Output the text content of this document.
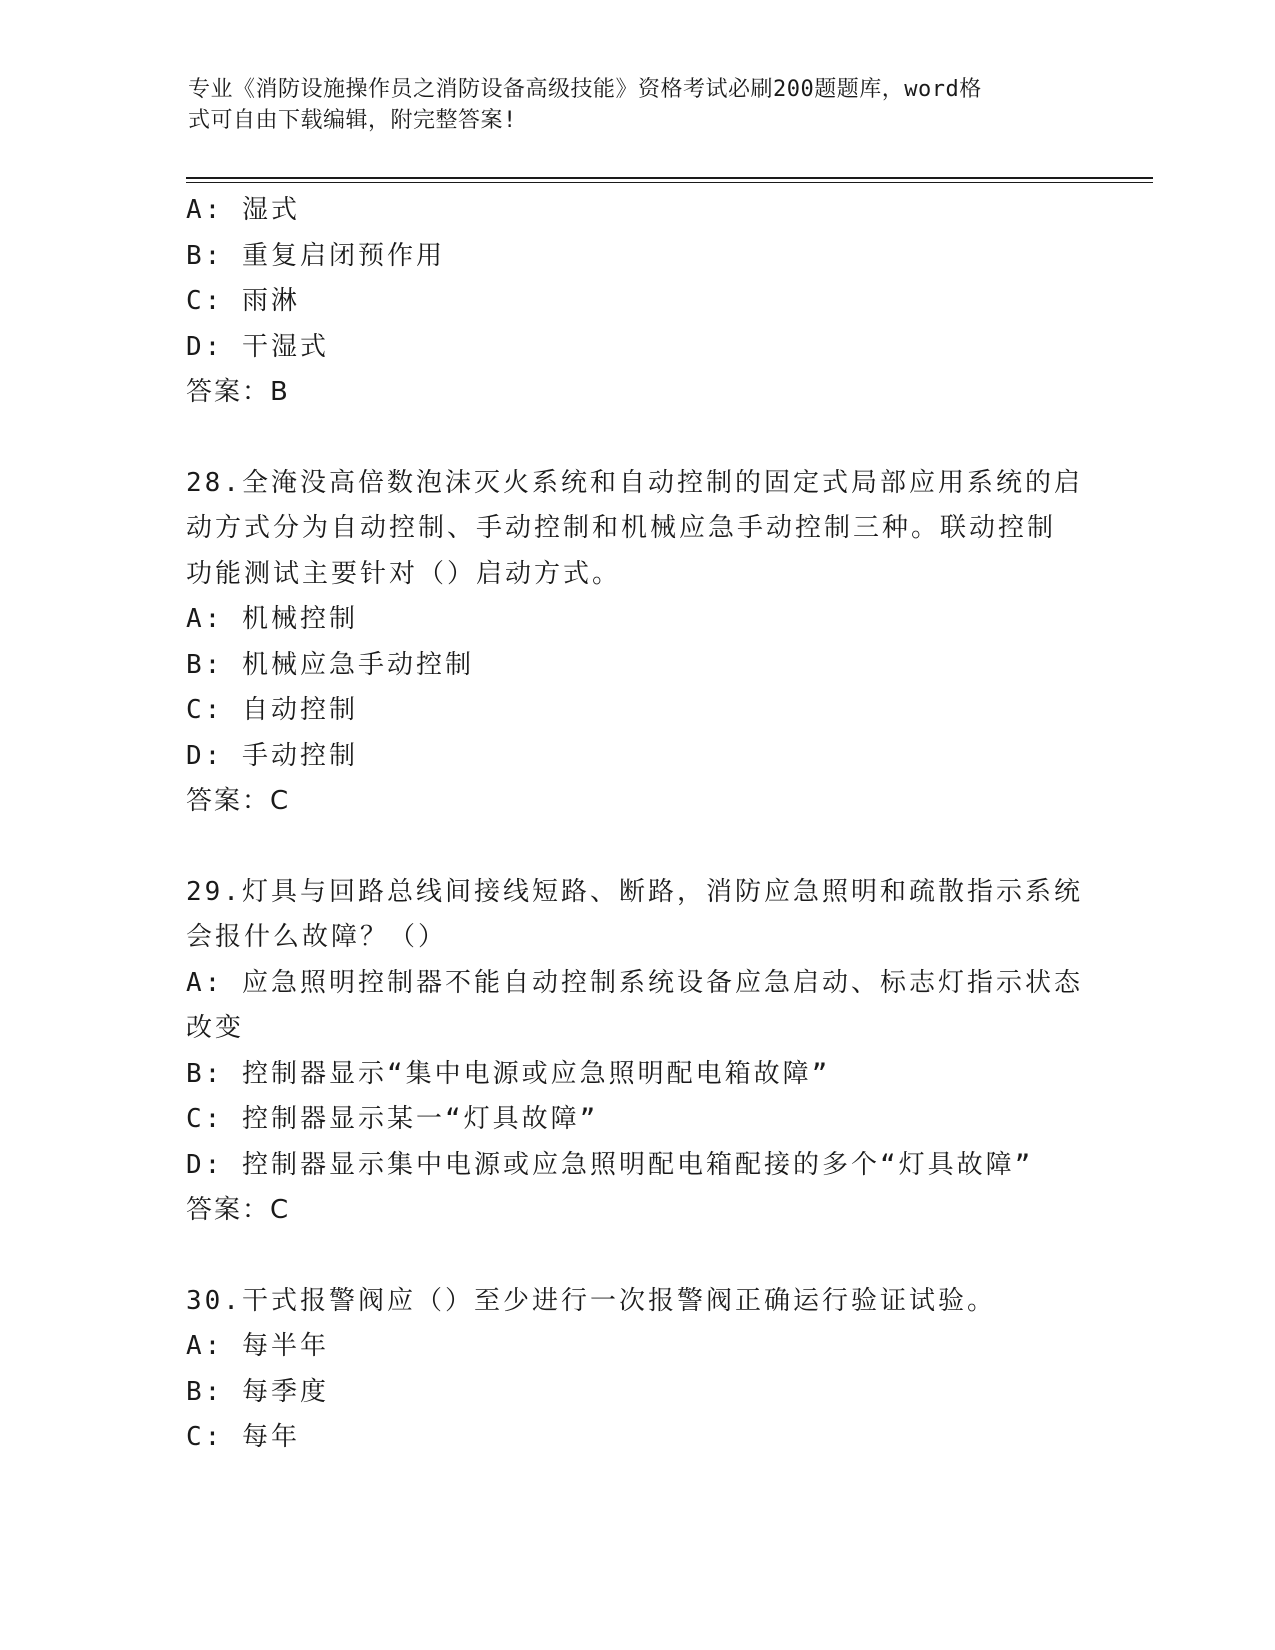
专业《消防设施操作员之消防设备高级技能》资格考试必刷200题题库，word格
式可自由下载编辑，附完整答案!
A: 湿式
B: 重复启闭预作用
C: 雨淋
D: 干湿式
答案：B
28.全淹没高倍数泡沫灭火系统和自动控制的固定式局部应用系统的启
动方式分为自动控制、手动控制和机械应急手动控制三种。联动控制
功能测试主要针对（）启动方式。
A: 机械控制
B: 机械应急手动控制
C: 自动控制
D: 手动控制
答案：C
29.灯具与回路总线间接线短路、断路，消防应急照明和疏散指示系统
会报什么故障？（）
A: 应急照明控制器不能自动控制系统设备应急启动、标志灯指示状态
改变
B: 控制器显示“集中电源或应急照明配电箱故障”
C: 控制器显示某一“灯具故障”
D: 控制器显示集中电源或应急照明配电箱配接的多个“灯具故障”
答案：C
30.干式报警阀应（）至少进行一次报警阀正确运行验证试验。
A: 每半年
B: 每季度
C: 每年
